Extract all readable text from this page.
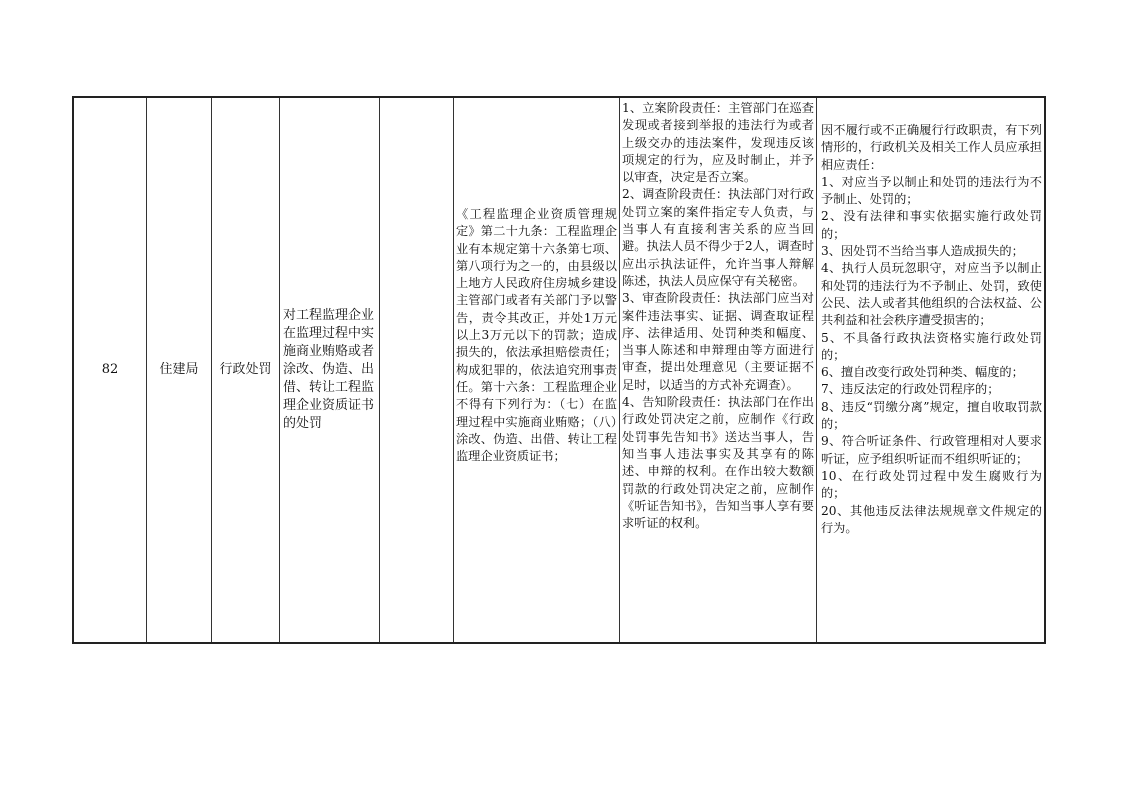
82	住建局	行政处罚
对工程监理企业在监理过程中实施商业贿赂或者涂改、伪造、出借、转让工程监理企业资质证书的处罚
《工程监理企业资质管理规定》第二十九条：工程监理企业有本规定第十六条第七项、第八项行为之一的，由县级以上地方人民政府住房城乡建设主管部门或者有关部门予以警告，责令其改正，并处1万元以上3万元以下的罚款；造成损失的，依法承担赔偿责任；构成犯罪的，依法追究刑事责任。第十六条：工程监理企业不得有下列行为：（七）在监理过程中实施商业贿赂；（八）涂改、伪造、出借、转让工程监理企业资质证书；
1、立案阶段责任：主管部门在巡查发现或者接到举报的违法行为或者上级交办的违法案件，发现违反该项规定的行为，应及时制止，并予以审查，决定是否立案。
2、调查阶段责任：执法部门对行政处罚立案的案件指定专人负责，与当事人有直接利害关系的应当回避。执法人员不得少于2人，调查时应出示执法证件，允许当事人辩解陈述，执法人员应保守有关秘密。
3、审查阶段责任：执法部门应当对案件违法事实、证据、调查取证程序、法律适用、处罚种类和幅度、当事人陈述和申辩理由等方面进行审查，提出处理意见（主要证据不足时，以适当的方式补充调查）。
4、告知阶段责任：执法部门在作出行政处罚决定之前，应制作《行政处罚事先告知书》送达当事人，告知当事人违法事实及其享有的陈述、申辩的权利。在作出较大数额罚款的行政处罚决定之前，应制作《听证告知书》，告知当事人享有要求听证的权利。
因不履行或不正确履行行政职责，有下列情形的，行政机关及相关工作人员应承担相应责任：
1、对应当予以制止和处罚的违法行为不予制止、处罚的；
2、没有法律和事实依据实施行政处罚的；
3、因处罚不当给当事人造成损失的；
4、执行人员玩忽职守，对应当予以制止和处罚的违法行为不予制止、处罚，致使公民、法人或者其他组织的合法权益、公共利益和社会秩序遭受损害的；
5、不具备行政执法资格实施行政处罚的；
6、擅自改变行政处罚种类、幅度的；
7、违反法定的行政处罚程序的；
8、违反“罚缴分离”规定，擅自收取罚款的；
9、符合听证条件、行政管理相对人要求听证，应予组织听证而不组织听证的；
10、在行政处罚过程中发生腐败行为的；
20、其他违反法律法规规章文件规定的行为。
